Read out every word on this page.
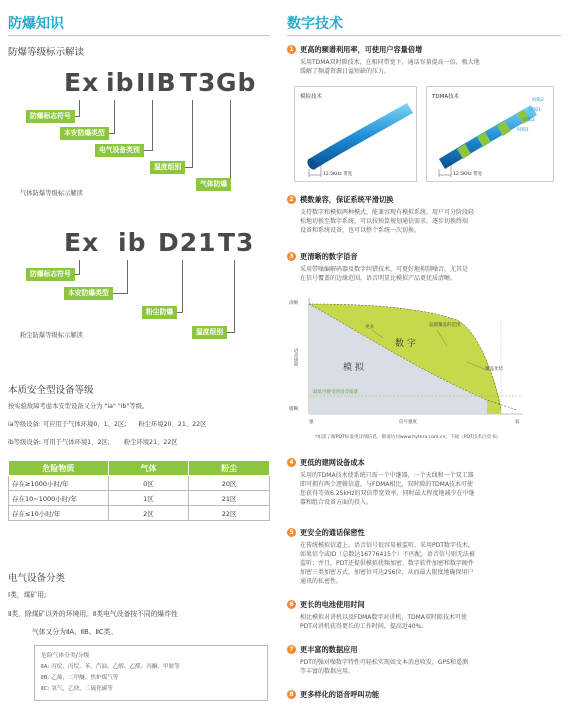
防爆知识
防爆等级标示解读
Ex ib IIB T3 Gb
防爆标志符号
本安防爆类型
电气设备类别
温度组别
气体防爆
气体防爆等级标示解读
Ex ib D21 T3
防爆标志符号
本安防爆类型
粉尘防爆
温度组别
粉尘防爆等级标示解读
本质安全型设备等级
按实验故障考虑本安型设备又分为 "ia" "ib"等级。
ia等级设备: 可应用于气体环境0、1、2区;      粉尘环境20、21、22区
ib等级设备: 可用于气体环境1、2区;       粉尘环境21、22区
危险物质	气体	粉尘
存在≥1000小时/年	0区	20区
存在10~1000小时/年	1区	21区
存在≤10小时/年	2区	22区
电气设备分类
Ⅰ类，煤矿用;
Ⅱ类，除煤矿以外的环境用。Ⅱ类电气设备按不同的爆炸性
气体又分为ⅡA、ⅡB、ⅡC类。
危险气体分类/分级
ⅡA: 丙烷、丙烷、苯、汽油、乙醇、乙醛、丙酮、甲胺等
ⅡB: 乙烯，二甲醚、焦炉煤气等
ⅡC: 氢气，乙炔，二硫化碳等
数字技术
1 更高的频谱利用率，可使用户容量倍增
采用TDMA双时隙技术，在相同带宽下，通话容量提高一倍，极大地
缓解了频道资源日益短缺的压力。
模拟技术
12.5KHz 带宽
TDMA技术
时隙2
时隙1
时隙2
时隙1
12.5KHz 带宽
2 模数兼容，保证系统平滑切换
支持数字和模拟两种模式，能兼容现有模拟系统，用户可分阶段轻
松地切换至数字系统，可以按预算规划通信需求，逐步切换终端
设备和系统设备，也可以整个系统一次切换。
3 更清晰的数字语音
采用带噪编解码器及数字纠错技术，可更好地抑制噪音，尤其是
在信号覆盖的边缘范围，语音明显比模拟产品更优质清晰。
清晰
语音质量
模糊
强	信号强度	弱
数 字
模 拟
更多	超越覆盖的范围
覆盖优势
最低可接受的语音质量
*如需了解PDT标准更详细信息，敬请访问www.hytera.com.cn，下载《PDT技术白皮书》
4 更低的建网设备成本
采用的TDMA技术使系统只需一个中继器，一个天线和一个双工器
即可拥有两个逻辑信道，与FDMA相比，双时隙的TDMA技术可使
您获得等效6.25kHz的双倍带宽效率，同时最大程度地减少在中继
器和组合设备方面的投入。
5 更安全的通话保密性
在传统模拟信道上，语音信号很容易被监听，采用PDT数字技术，
如果信令或ID（总数达16776415个）不匹配，语音信号则无法被
监听；并且，PDT还提供模拟扰频加密、数字软件加密和数字硬件
加密三类加密方式，加密位可达256位，从而最大限度地确保用户
通讯的私密性。
6 更长的电池使用时间
相比模拟对讲机以及FDMA数字对讲机，TDMA双时隙技术可使
PDT对讲机获得更长的工作时间，提高近40%。
7 更丰富的数据应用
PDT的强对噪数字特性可轻松实现如文本消息收发，GPS和遥测
等丰富的数据应用。
8 更多样化的语音呼叫功能
